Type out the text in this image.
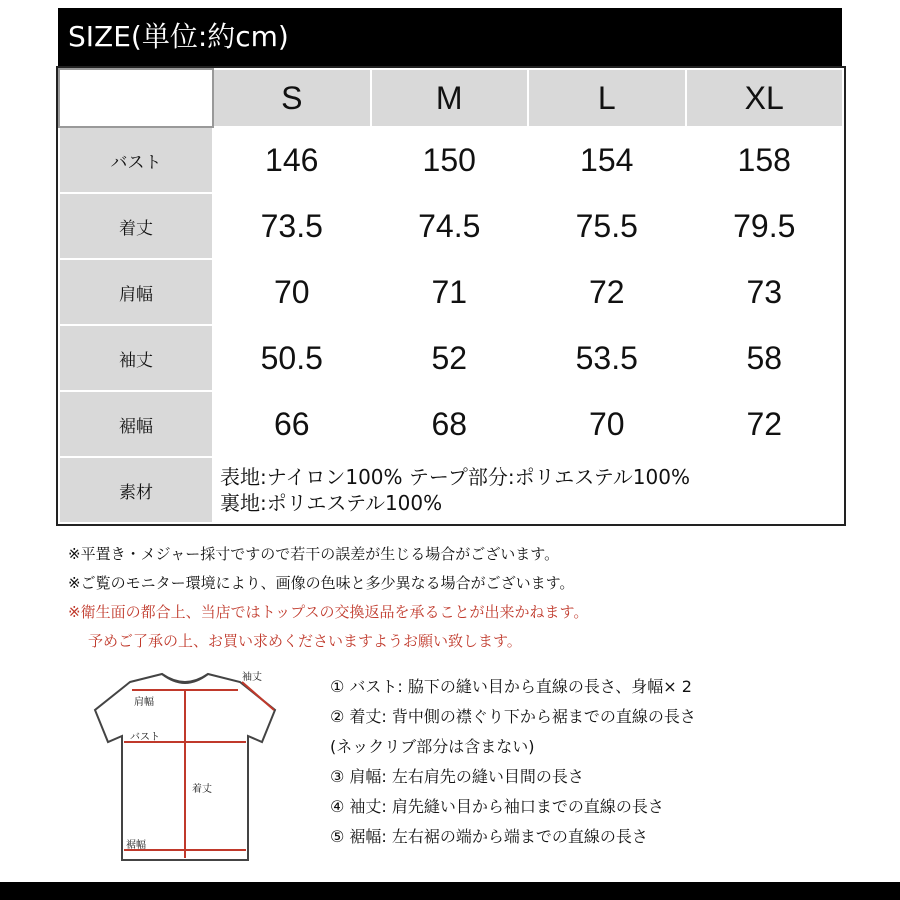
SIZE(単位:約cm)
	S	M	L	XL
バスト	146	150	154	158
着丈	73.5	74.5	75.5	79.5
肩幅	70	71	72	73
袖丈	50.5	52	53.5	58
裾幅	66	68	70	72
素材	表地:ナイロン100% テープ部分:ポリエステル100%
裏地:ポリエステル100%			
※平置き・メジャー採寸ですので若干の誤差が生じる場合がございます。
※ご覧のモニター環境により、画像の色味と多少異なる場合がございます。
※衛生面の都合上、当店ではトップスの交換返品を承ることが出来かねます。
予めご了承の上、お買い求めくださいますようお願い致します。
袖丈
肩幅
バスト
着丈
裾幅
① バスト: 脇下の縫い目から直線の長さ、身幅× 2
② 着丈: 背中側の襟ぐり下から裾までの直線の長さ
(ネックリブ部分は含まない)
③ 肩幅: 左右肩先の縫い目間の長さ
④ 袖丈: 肩先縫い目から袖口までの直線の長さ
⑤ 裾幅: 左右裾の端から端までの直線の長さ
